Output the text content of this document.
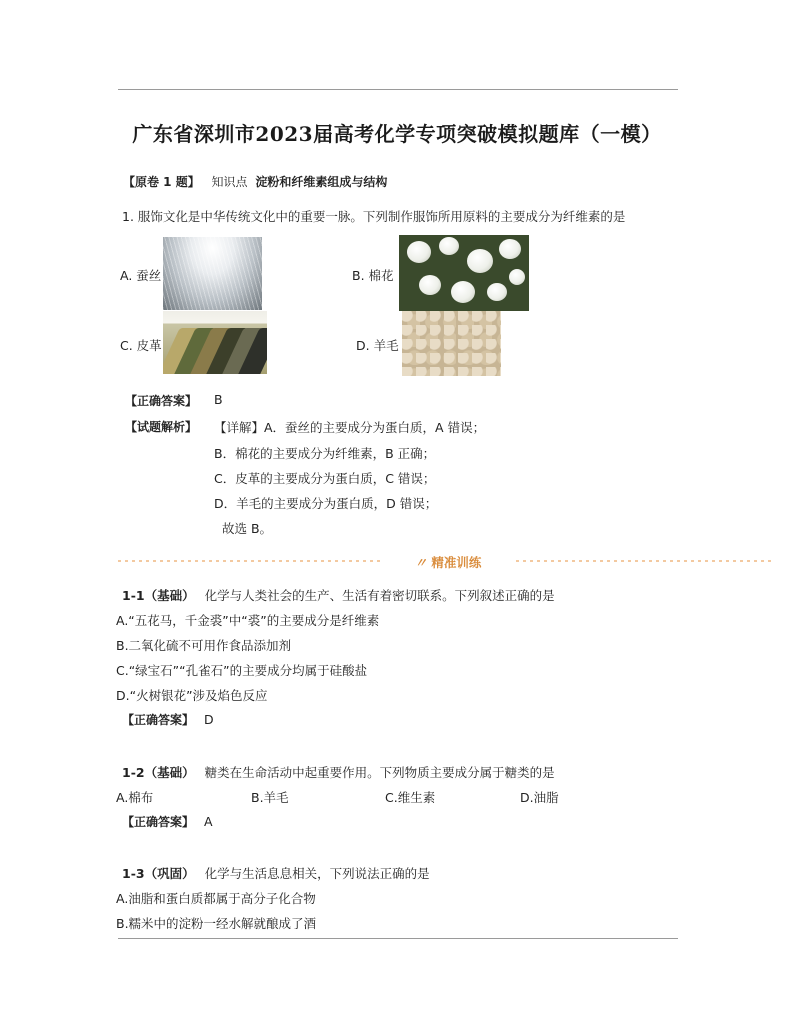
广东省深圳市2023届高考化学专项突破模拟题库（一模）
【原卷 1 题】 知识点 淀粉和纤维素组成与结构
1. 服饰文化是中华传统文化中的重要一脉。下列制作服饰所用原料的主要成分为纤维素的是
A. 蚕丝	B. 棉花
C. 皮革	D. 羊毛
【正确答案】 B
【试题解析】 【详解】A．蚕丝的主要成分为蛋白质，A 错误；
B．棉花的主要成分为纤维素，B 正确；
C．皮革的主要成分为蛋白质，C 错误；
D．羊毛的主要成分为蛋白质，D 错误；
故选 B。
〃 精准训练
1-1（基础） 化学与人类社会的生产、生活有着密切联系。下列叙述正确的是
A.“五花马，千金裘”中“裘”的主要成分是纤维素
B.二氧化硫不可用作食品添加剂
C.“绿宝石”“孔雀石”的主要成分均属于硅酸盐
D.“火树银花”涉及焰色反应
【正确答案】 D
1-2（基础） 糖类在生命活动中起重要作用。下列物质主要成分属于糖类的是
A.棉布	B.羊毛	C.维生素	D.油脂
【正确答案】 A
1-3（巩固） 化学与生活息息相关，下列说法正确的是
A.油脂和蛋白质都属于高分子化合物
B.糯米中的淀粉一经水解就酿成了酒
